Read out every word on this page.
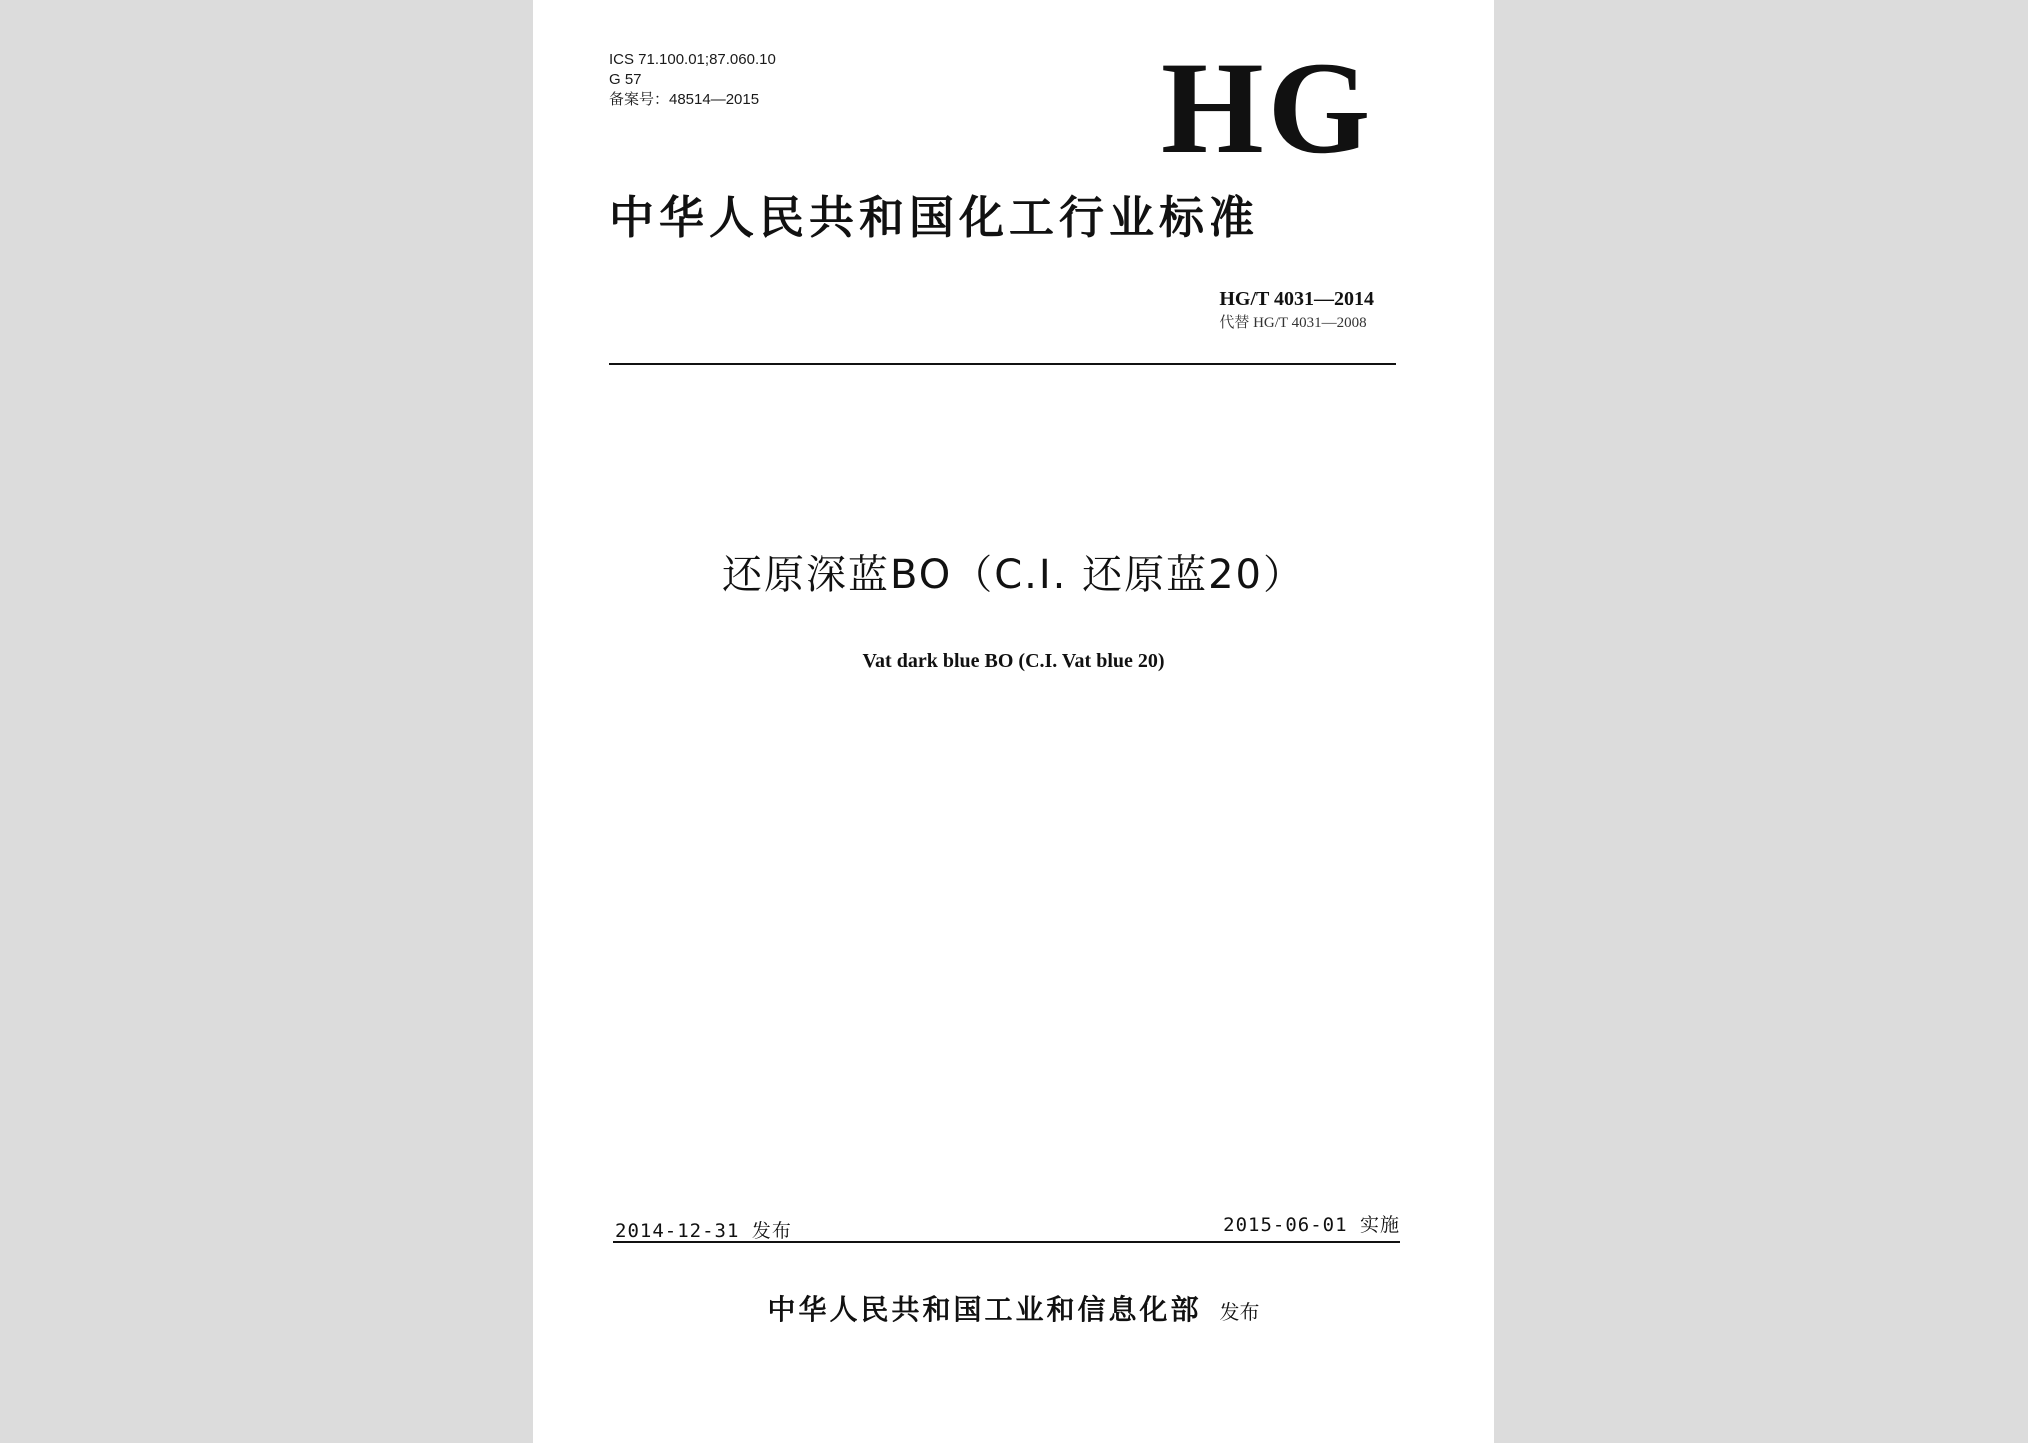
ICS 71.100.01;87.060.10
G 57
备案号：48514—2015	HG
中华人民共和国化工行业标准
HG/T 4031—2014
代替 HG/T 4031—2008
还原深蓝BO（C.I. 还原蓝20）
Vat dark blue BO (C.I. Vat blue 20)
2014-12-31 发布	2015-06-01 实施
中华人民共和国工业和信息化部 发布
